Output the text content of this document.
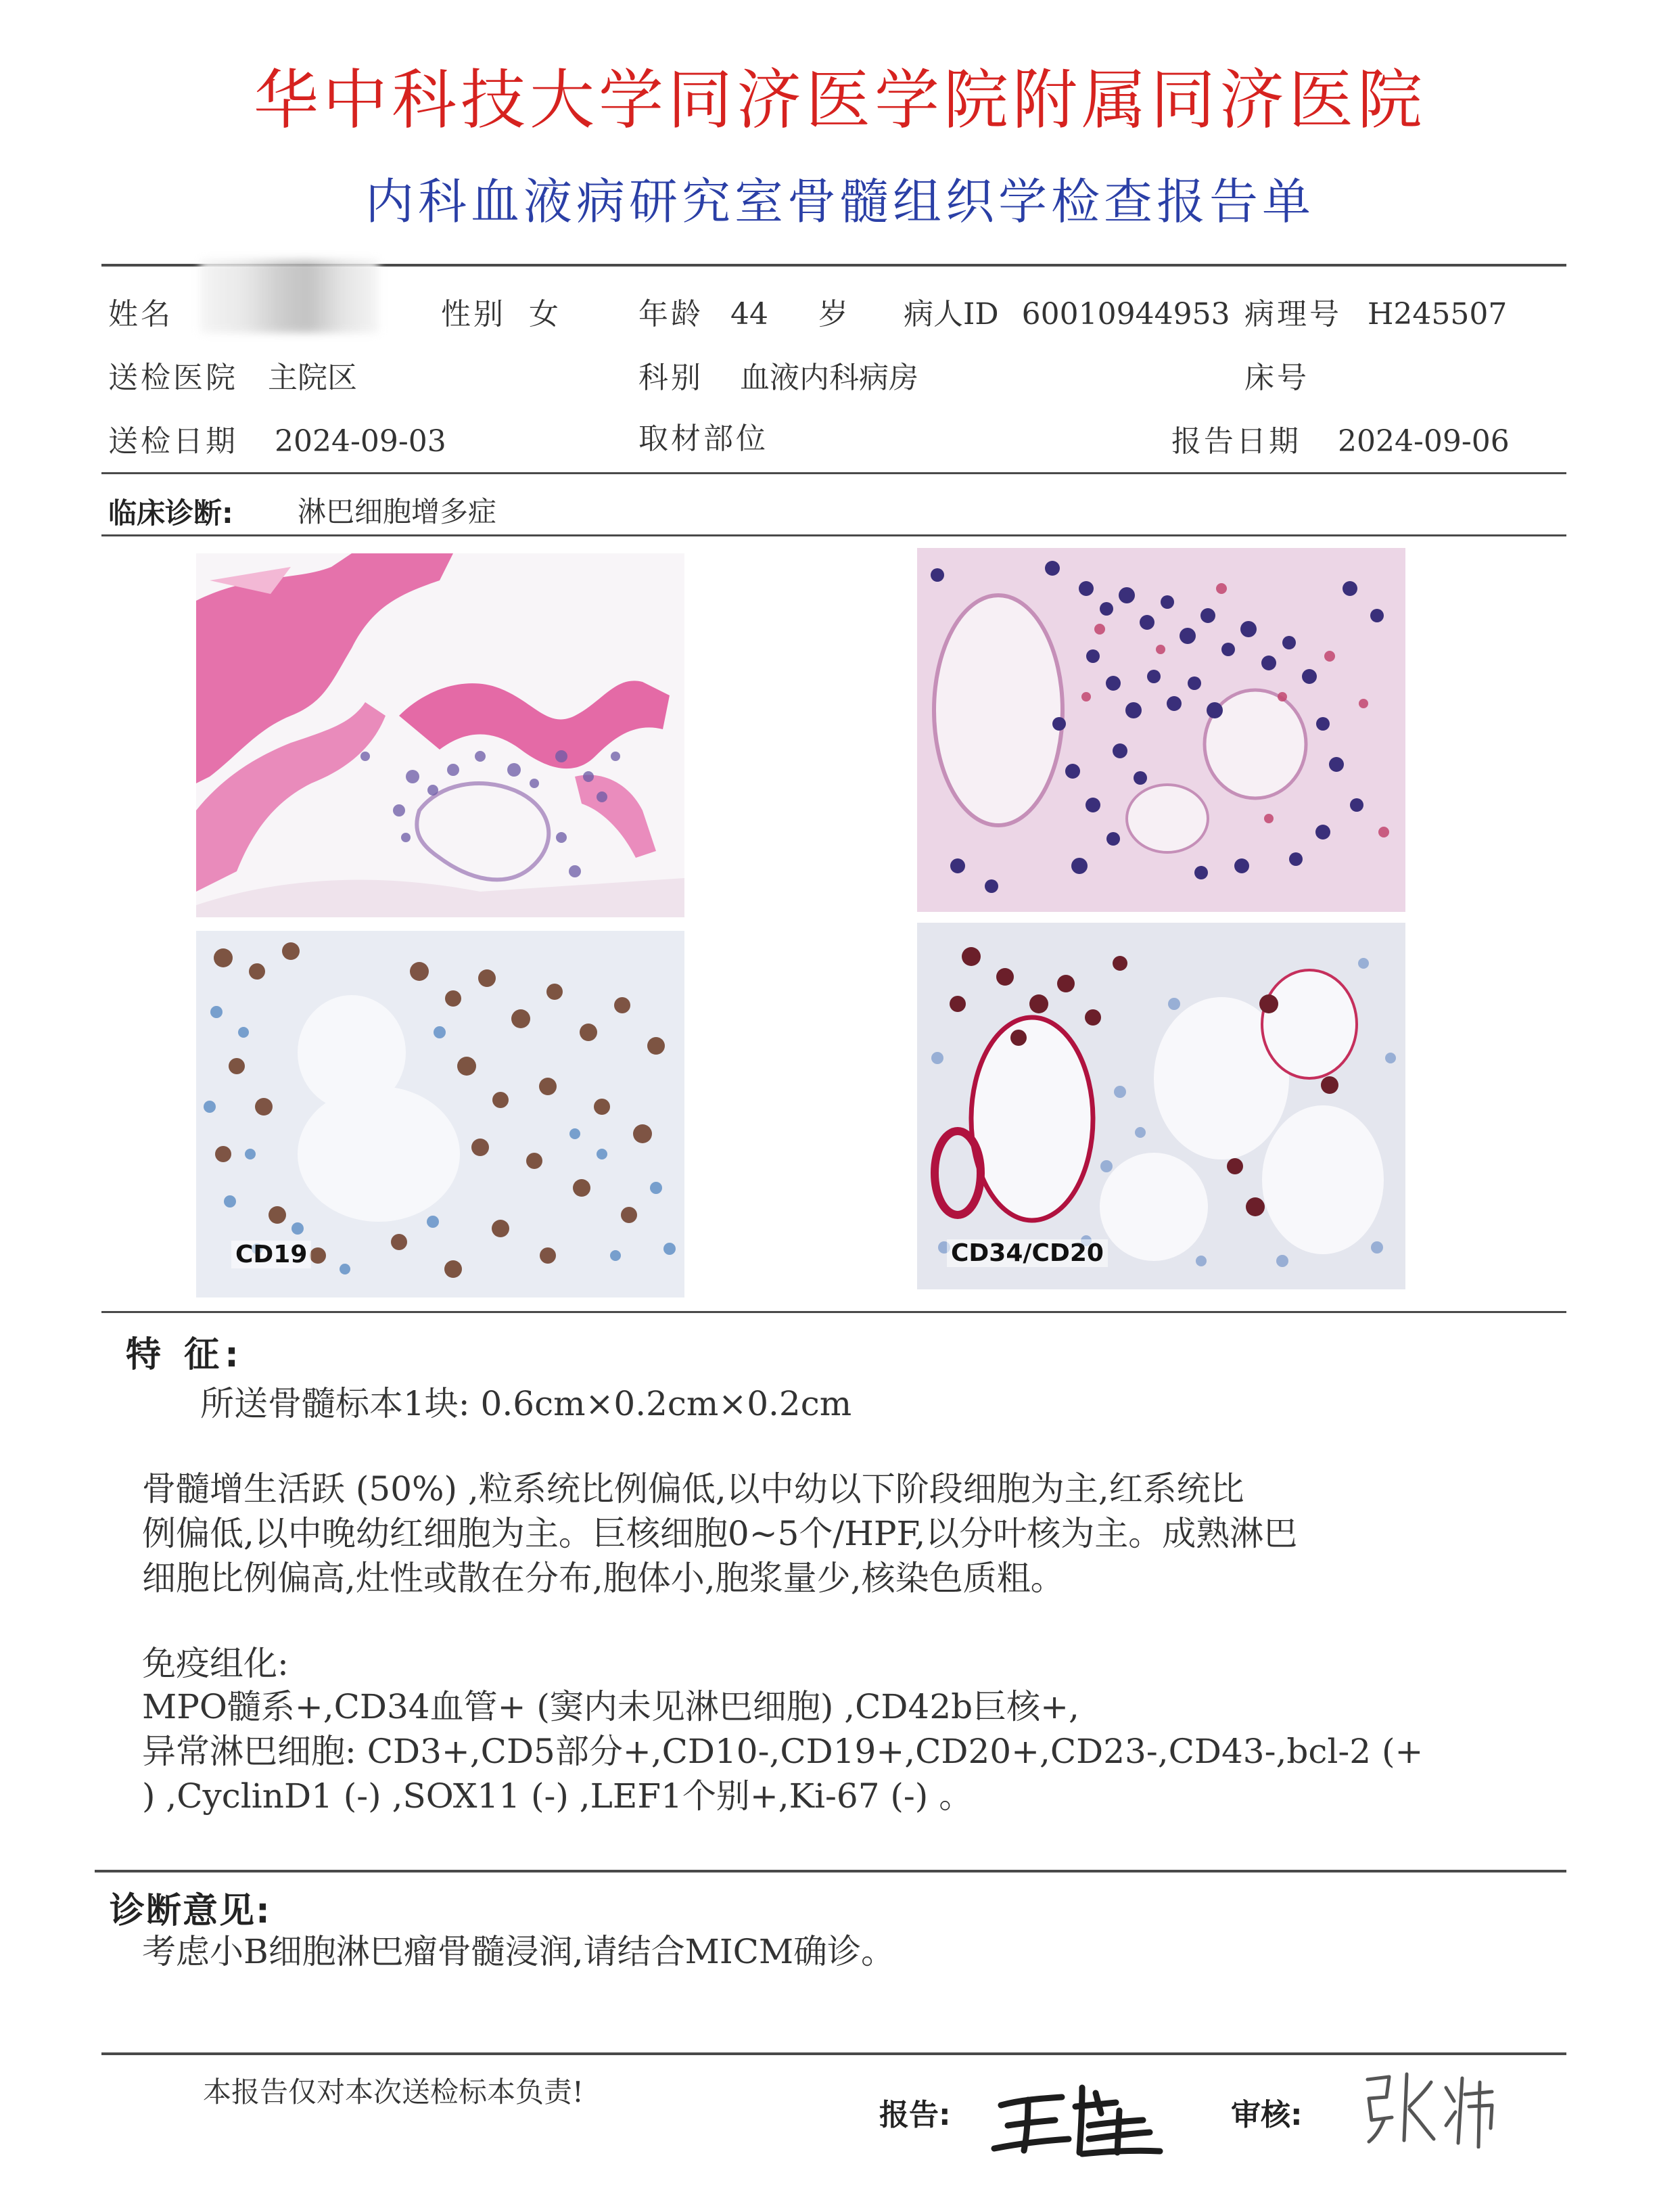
华中科技大学同济医学院附属同济医院
内科血液病研究室骨髓组织学检查报告单
姓名	性别 女	年龄 44 岁 病人ID 60010944953 病理号 H245507
送检医院 主院区	科别 血液内科病房	床号
送检日期 2024-09-03	取材部位	报告日期 2024-09-06
临床诊断: 淋巴细胞增多症
CD19	CD34/CD20
特 征:
所送骨髓标本1块: 0.6cm×0.2cm×0.2cm
骨髓增生活跃 (50%) ,粒系统比例偏低,以中幼以下阶段细胞为主,红系统比
例偏低,以中晚幼红细胞为主。巨核细胞0~5个/HPF,以分叶核为主。成熟淋巴
细胞比例偏高,灶性或散在分布,胞体小,胞浆量少,核染色质粗。
免疫组化:
MPO髓系+,CD34血管+ (窦内未见淋巴细胞) ,CD42b巨核+,
异常淋巴细胞: CD3+,CD5部分+,CD10-,CD19+,CD20+,CD23-,CD43-,bcl-2 (+
) ,CyclinD1 (-) ,SOX11 (-) ,LEF1个别+,Ki-67 (-) 。
诊断意见:
考虑小B细胞淋巴瘤骨髓浸润,请结合MICM确诊。
本报告仅对本次送检标本负责!
报告:	审核:
